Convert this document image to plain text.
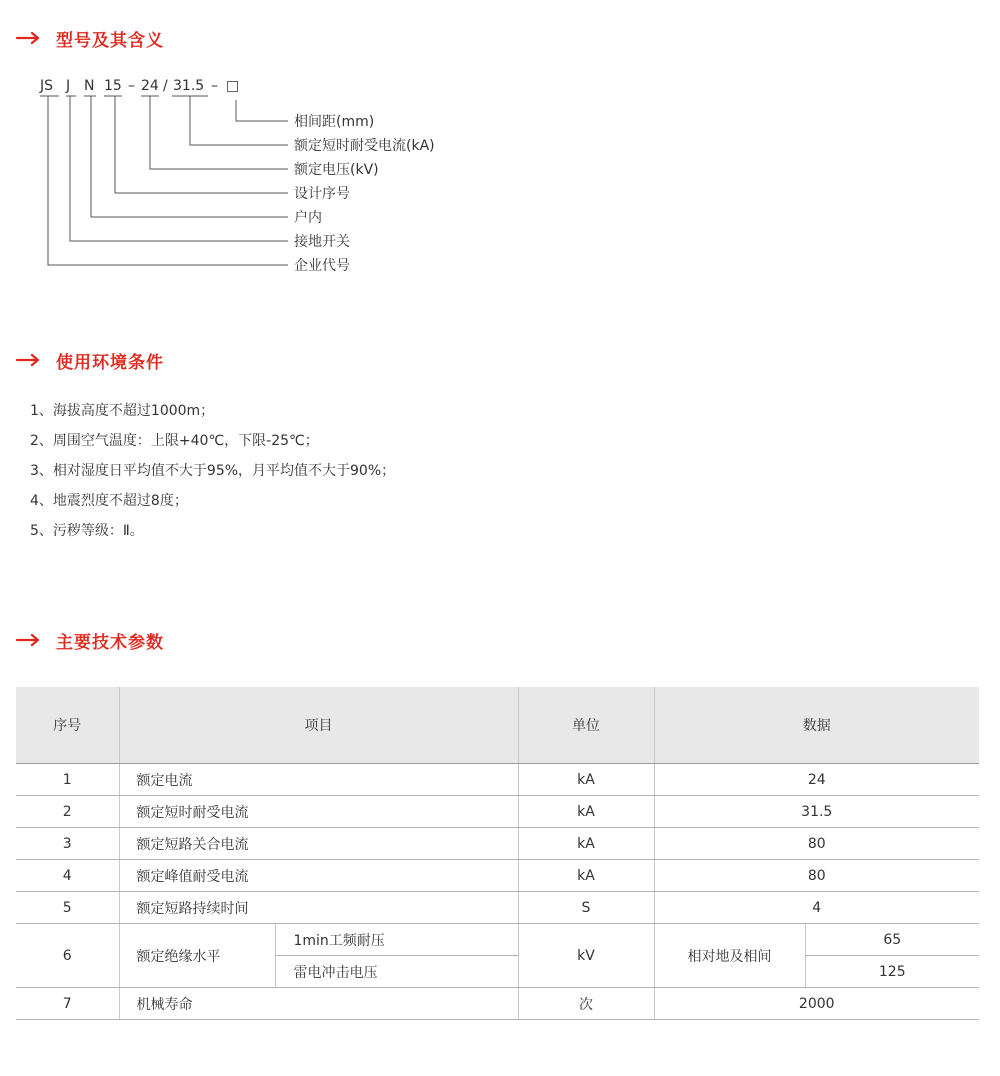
型号及其含义
JS J N 15 – 24 / 31.5 – □
相间距(mm)
额定短时耐受电流(kA)
额定电压(kV)
设计序号
户内
接地开关
企业代号
使用环境条件
1、海拔高度不超过1000m；
2、周围空气温度：上限+40℃，下限-25℃；
3、相对湿度日平均值不大于95%，月平均值不大于90%；
4、地震烈度不超过8度；
5、污秽等级：Ⅱ。
主要技术参数
序号	项目		单位	数据	
1	额定电流		kA	24	
2	额定短时耐受电流		kA	31.5	
3	额定短路关合电流		kA	80	
4	额定峰值耐受电流		kA	80	
5	额定短路持续时间		S	4	
6	额定绝缘水平	1min工频耐压	kV	相对地及相间	65
		雷电冲击电压			125
7	机械寿命		次	2000	
